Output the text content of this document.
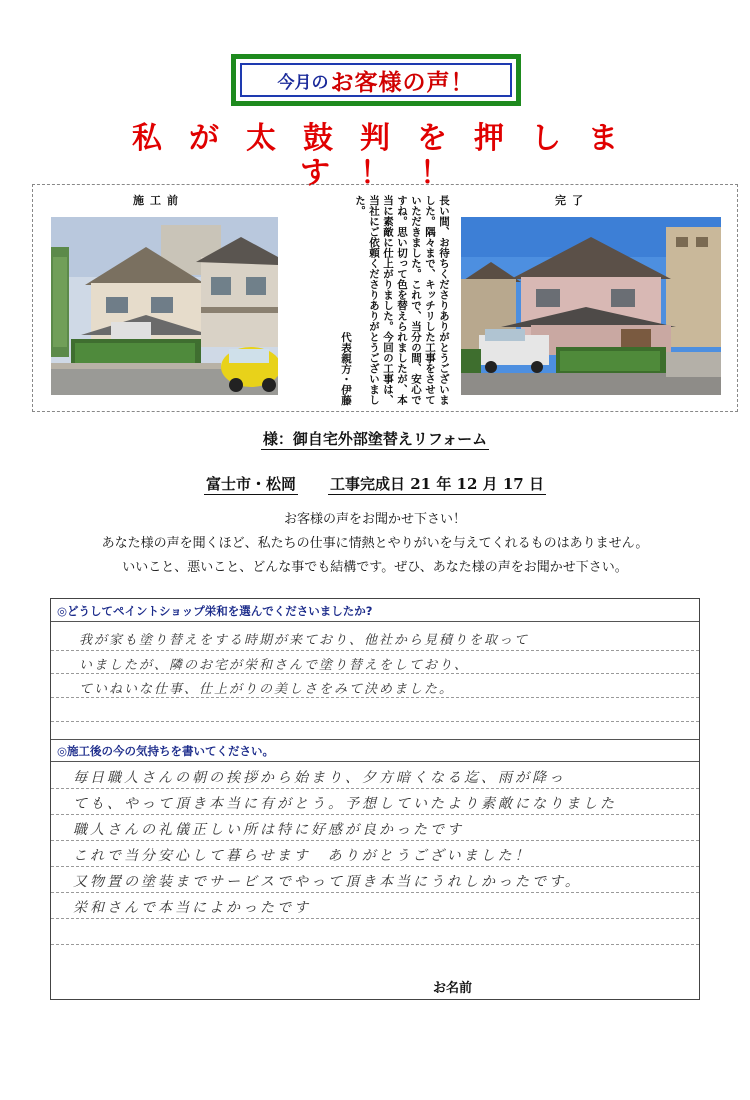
今月の お客様の声！
私が太鼓判を押しま
す！！
施工前	完了
長い間、お待ちくださりありがとうございました。隅々まで、キッチリした工事をさせていただきました。これで、当分の間、安心ですね。思い切って色を替えられましたが、本当に素敵に仕上がりました。今回の工事は、当社にご依頼くださりありがとうございました。
代表親方・伊藤
様：御自宅外部塗替えリフォーム
富士市・松岡 工事完成日 21 年 12 月 17 日
お客様の声をお聞かせ下さい！
あなた様の声を聞くほど、私たちの仕事に情熱とやりがいを与えてくれるものはありません。
いいこと、悪いこと、どんな事でも結構です。ぜひ、あなた様の声をお聞かせ下さい。
◎どうしてペイントショップ栄和を選んでくださいましたか?
我が家も塗り替えをする時期が来ており、他社から見積りを取って
いましたが、隣のお宅が栄和さんで塗り替えをしており、
ていねいな仕事、仕上がりの美しさをみて決めました。
◎施工後の今の気持ちを書いてください。
毎日職人さんの朝の挨拶から始まり、夕方暗くなる迄、雨が降っ
ても、やって頂き本当に有がとう。予想していたより素敵になりました
職人さんの礼儀正しい所は特に好感が良かったです
これで当分安心して暮らせます　ありがとうございました！
又物置の塗装までサービスでやって頂き本当にうれしかったです。
栄和さんで本当によかったです
お名前
